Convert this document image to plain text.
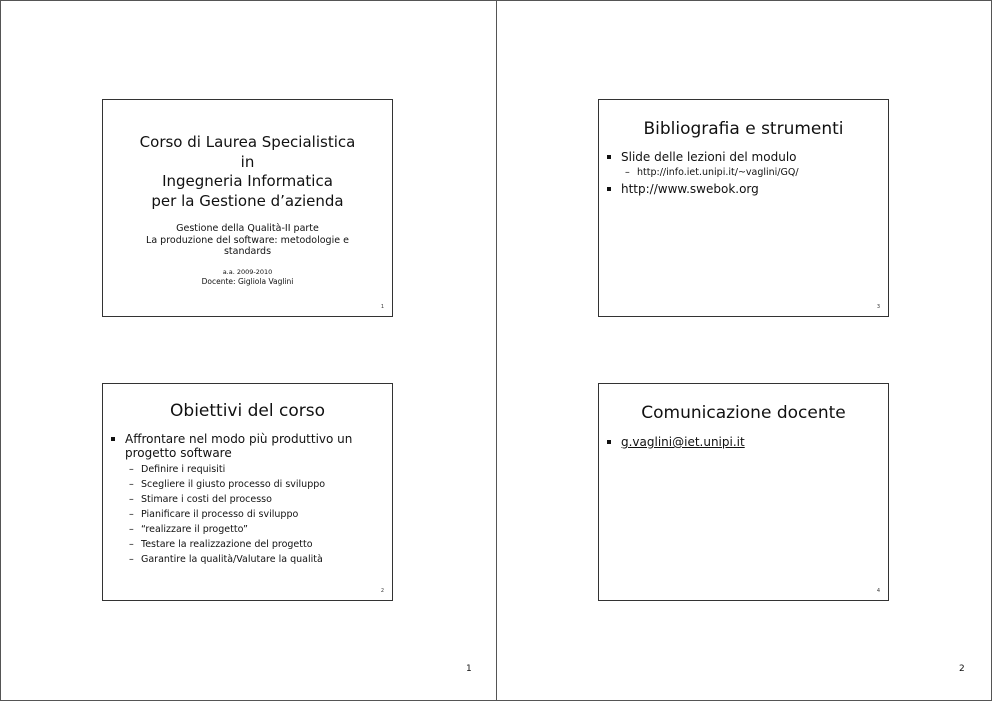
Corso di Laurea Specialistica
in
Ingegneria Informatica
per la Gestione d’azienda
Gestione della Qualità-II parte
La produzione del software: metodologie e
standards
a.a. 2009-2010
Docente: Gigliola Vaglini
1
Obiettivi del corso
Affrontare nel modo più produttivo un progetto software
– Definire i requisiti
– Scegliere il giusto processo di sviluppo
– Stimare i costi del processo
– Pianificare il processo di sviluppo
– “realizzare il progetto”
– Testare la realizzazione del progetto
– Garantire la qualità/Valutare la qualità
2
Bibliografia e strumenti
Slide delle lezioni del modulo
– http://info.iet.unipi.it/~vaglini/GQ/
http://www.swebok.org
3
Comunicazione docente
g.vaglini@iet.unipi.it
4
1	2
